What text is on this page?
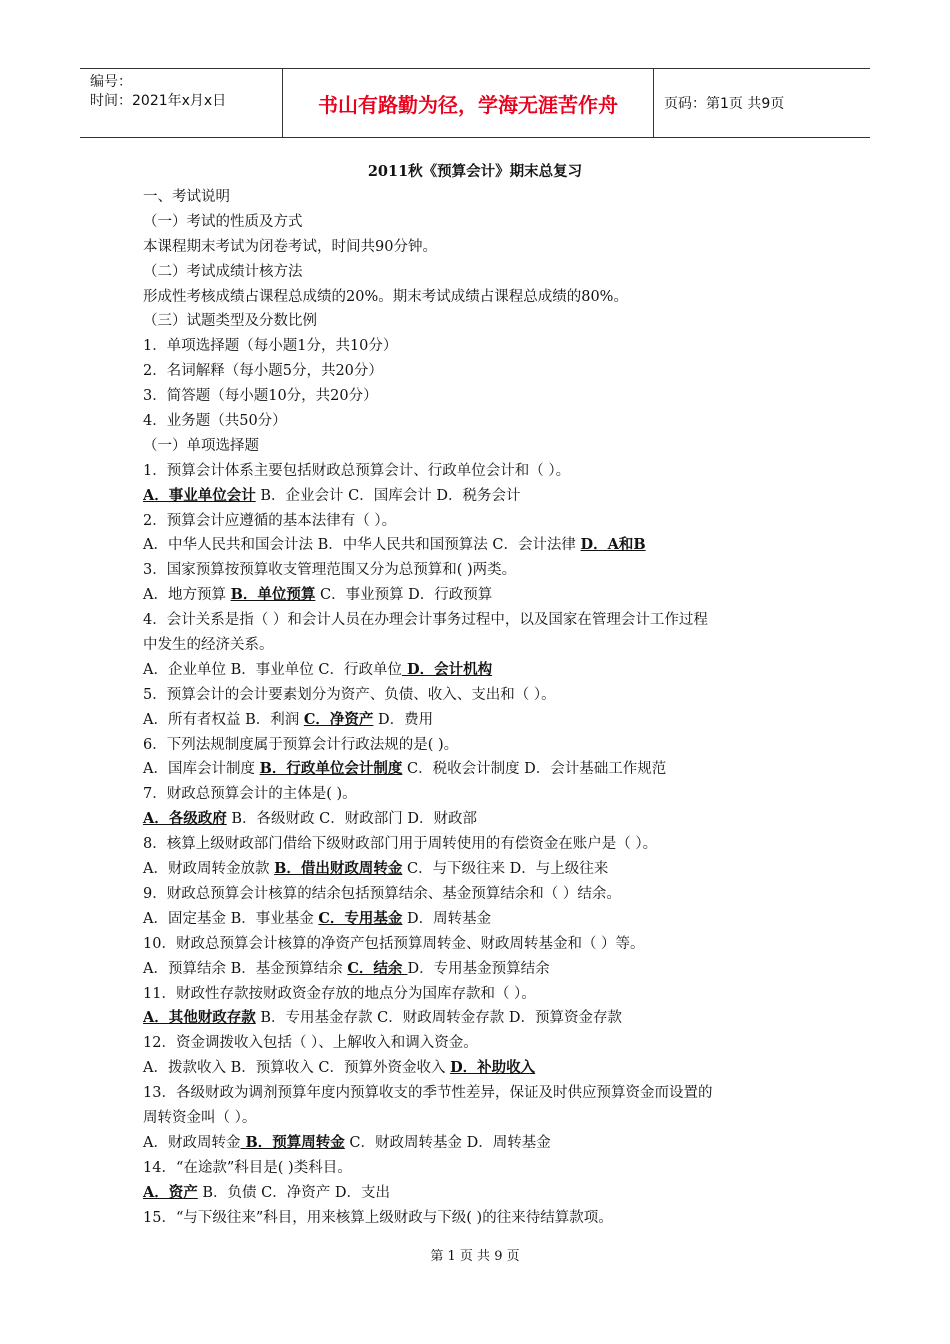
编号：
时间：2021年x月x日	书山有路勤为径，学海无涯苦作舟	页码：第1页 共9页
2011秋《预算会计》期末总复习
一、考试说明
（一）考试的性质及方式
本课程期末考试为闭卷考试，时间共90分钟。
（二）考试成绩计核方法
形成性考核成绩占课程总成绩的20%。期末考试成绩占课程总成绩的80%。
（三）试题类型及分数比例
1．单项选择题（每小题1分，共10分）
2．名词解释（每小题5分，共20分）
3．简答题（每小题10分，共20分）
4．业务题（共50分）
（一）单项选择题
1．预算会计体系主要包括财政总预算会计、行政单位会计和（ ）。
A．事业单位会计 B．企业会计 C．国库会计 D．税务会计
2．预算会计应遵循的基本法律有（ ）。
A．中华人民共和国会计法 B．中华人民共和国预算法 C．会计法律 D．A和B
3．国家预算按预算收支管理范围又分为总预算和( )两类。
A．地方预算 B．单位预算 C．事业预算 D．行政预算
4．会计关系是指（ ）和会计人员在办理会计事务过程中，以及国家在管理会计工作过程
中发生的经济关系。
A．企业单位 B．事业单位 C．行政单位 D．会计机构
5．预算会计的会计要素划分为资产、负债、收入、支出和（ ）。
A．所有者权益 B．利润 C．净资产 D．费用
6．下列法规制度属于预算会计行政法规的是( )。
A．国库会计制度 B．行政单位会计制度 C．税收会计制度 D．会计基础工作规范
7．财政总预算会计的主体是( )。
A．各级政府 B．各级财政 C．财政部门 D．财政部
8．核算上级财政部门借给下级财政部门用于周转使用的有偿资金在账户是（ ）。
A．财政周转金放款 B．借出财政周转金 C．与下级往来 D．与上级往来
9．财政总预算会计核算的结余包括预算结余、基金预算结余和（ ）结余。
A．固定基金 B．事业基金 C．专用基金 D．周转基金
10．财政总预算会计核算的净资产包括预算周转金、财政周转基金和（ ）等。
A．预算结余 B．基金预算结余 C．结余 D．专用基金预算结余
11．财政性存款按财政资金存放的地点分为国库存款和（ ）。
A．其他财政存款 B．专用基金存款 C．财政周转金存款 D．预算资金存款
12．资金调拨收入包括（ ）、上解收入和调入资金。
A．拨款收入 B．预算收入 C．预算外资金收入 D．补助收入
13．各级财政为调剂预算年度内预算收支的季节性差异，保证及时供应预算资金而设置的
周转资金叫（ ）。
A．财政周转金 B．预算周转金 C．财政周转基金 D．周转基金
14．“在途款”科目是( )类科目。
A．资产 B．负债 C．净资产 D．支出
15．“与下级往来”科目，用来核算上级财政与下级( )的往来待结算款项。
第 1 页 共 9 页
